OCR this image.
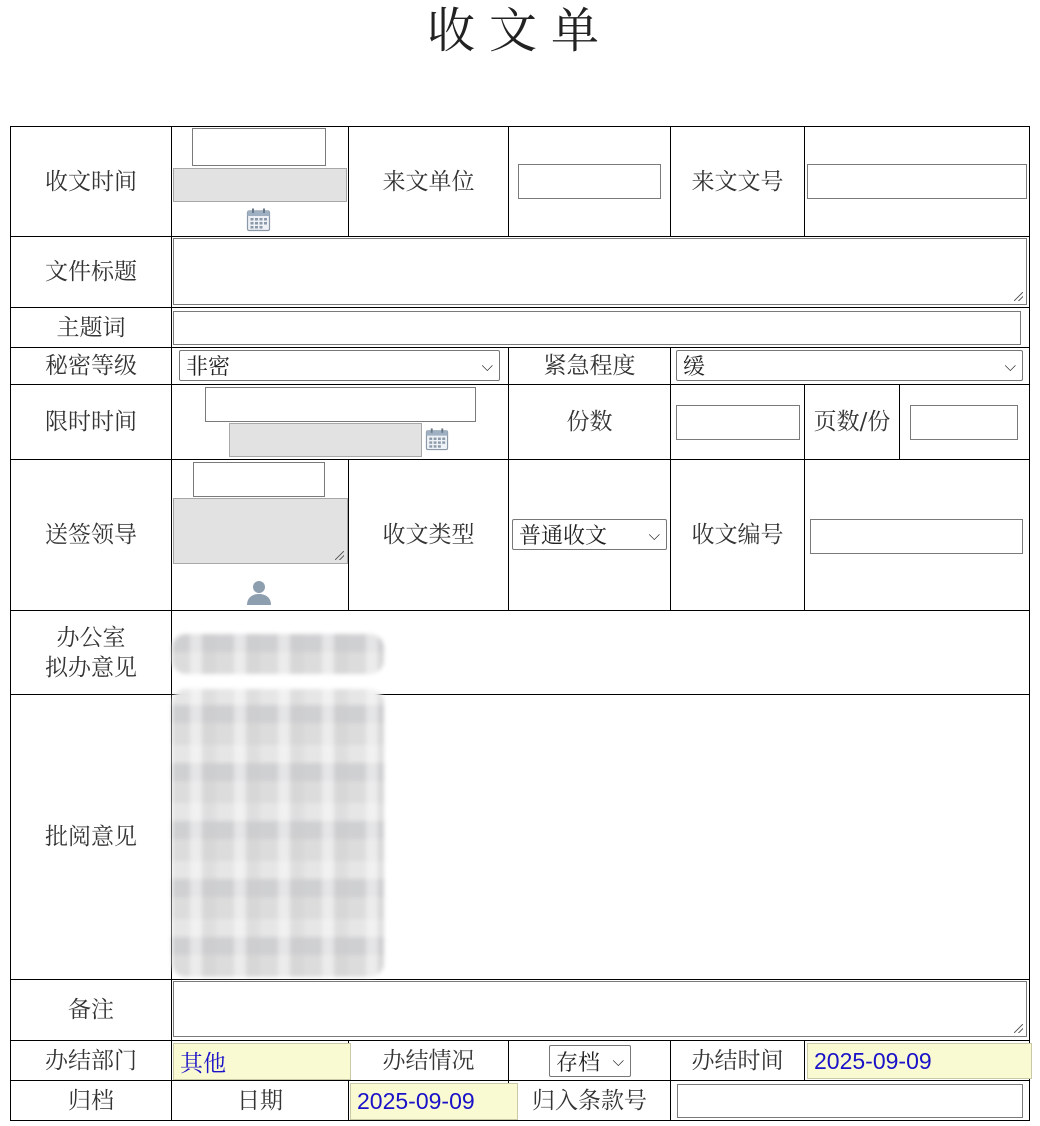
收文单
收文时间	来文单位	来文文号
文件标题
主题词
秘密等级	非密	⌵	紧急程度	缓	⌵
限时时间	份数	页数/份
送签领导	收文类型	普通收文	⌵	收文编号
办公室
拟办意见
批阅意见
备注
办结部门	其他	办结情况	存档 ⌵	办结时间	2025-09-09
归档	日期	2025-09-09	归入条款号
